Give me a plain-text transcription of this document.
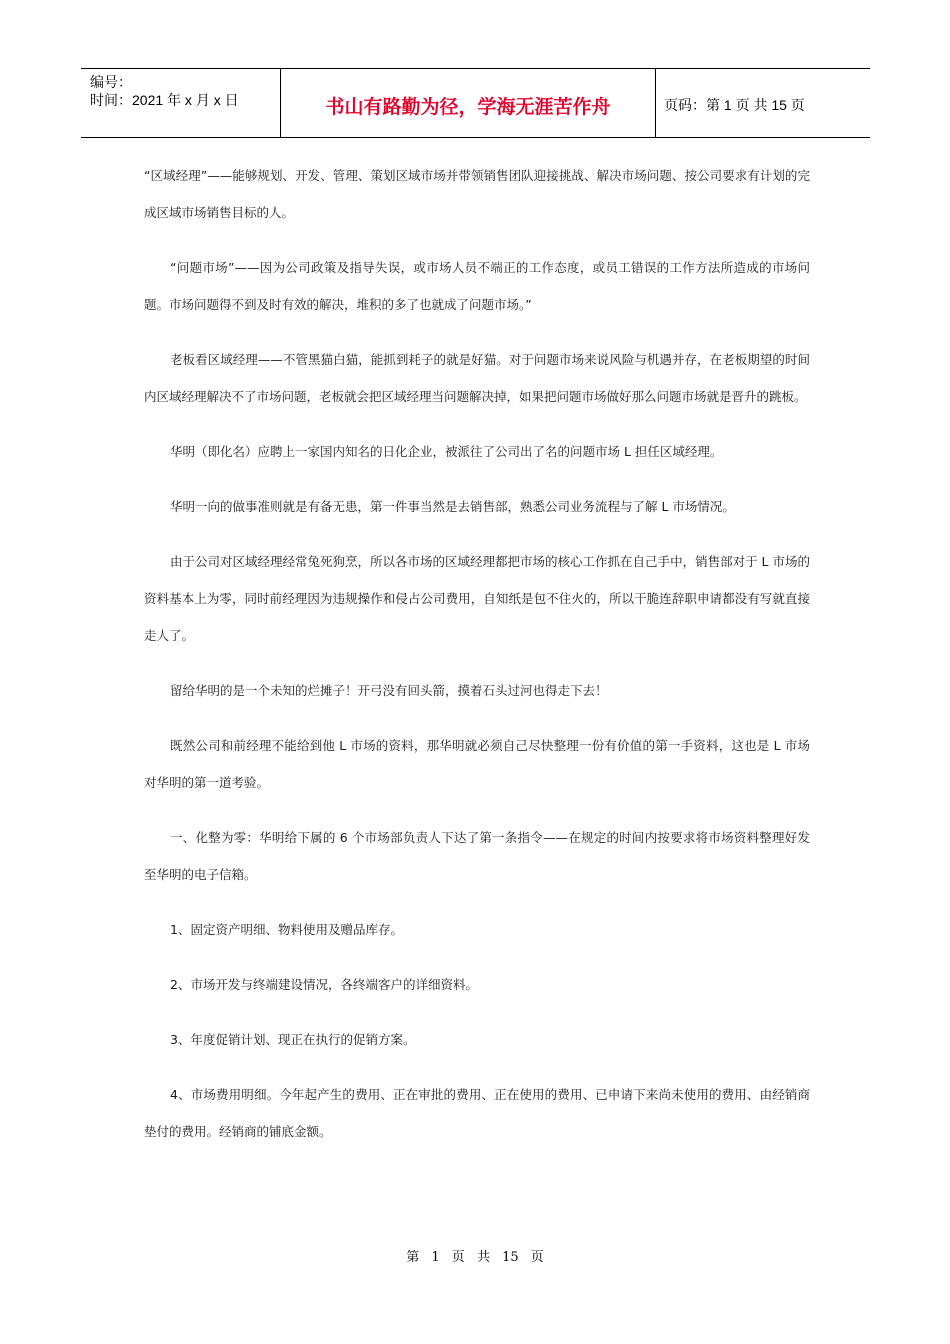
编号：
时间：2021 年 x 月 x 日	书山有路勤为径，学海无涯苦作舟	页码：第 1 页 共 15 页

“区域经理”——能够规划、开发、管理、策划区域市场并带领销售团队迎接挑战、解决市场问题、按公司要求有计划的完成区域市场销售目标的人。

“问题市场”——因为公司政策及指导失误，或市场人员不端正的工作态度，或员工错误的工作方法所造成的市场问题。市场问题得不到及时有效的解决，堆积的多了也就成了问题市场。”

老板看区域经理——不管黑猫白猫，能抓到耗子的就是好猫。对于问题市场来说风险与机遇并存，在老板期望的时间内区域经理解决不了市场问题，老板就会把区域经理当问题解决掉，如果把问题市场做好那么问题市场就是晋升的跳板。

华明（即化名）应聘上一家国内知名的日化企业，被派往了公司出了名的问题市场 L 担任区域经理。

华明一向的做事准则就是有备无患，第一件事当然是去销售部，熟悉公司业务流程与了解 L 市场情况。

由于公司对区域经理经常兔死狗烹，所以各市场的区域经理都把市场的核心工作抓在自己手中，销售部对于 L 市场的资料基本上为零，同时前经理因为违规操作和侵占公司费用，自知纸是包不住火的，所以干脆连辞职申请都没有写就直接走人了。

留给华明的是一个未知的烂摊子！开弓没有回头箭，摸着石头过河也得走下去！

既然公司和前经理不能给到他 L 市场的资料，那华明就必须自己尽快整理一份有价值的第一手资料，这也是 L 市场对华明的第一道考验。

一、化整为零：华明给下属的 6 个市场部负责人下达了第一条指令——在规定的时间内按要求将市场资料整理好发至华明的电子信箱。

1、固定资产明细、物料使用及赠品库存。

2、市场开发与终端建设情况，各终端客户的详细资料。

3、年度促销计划、现正在执行的促销方案。

4、市场费用明细。今年起产生的费用、正在审批的费用、正在使用的费用、已申请下来尚未使用的费用、由经销商垫付的费用。经销商的铺底金额。

第 1 页 共 15 页
